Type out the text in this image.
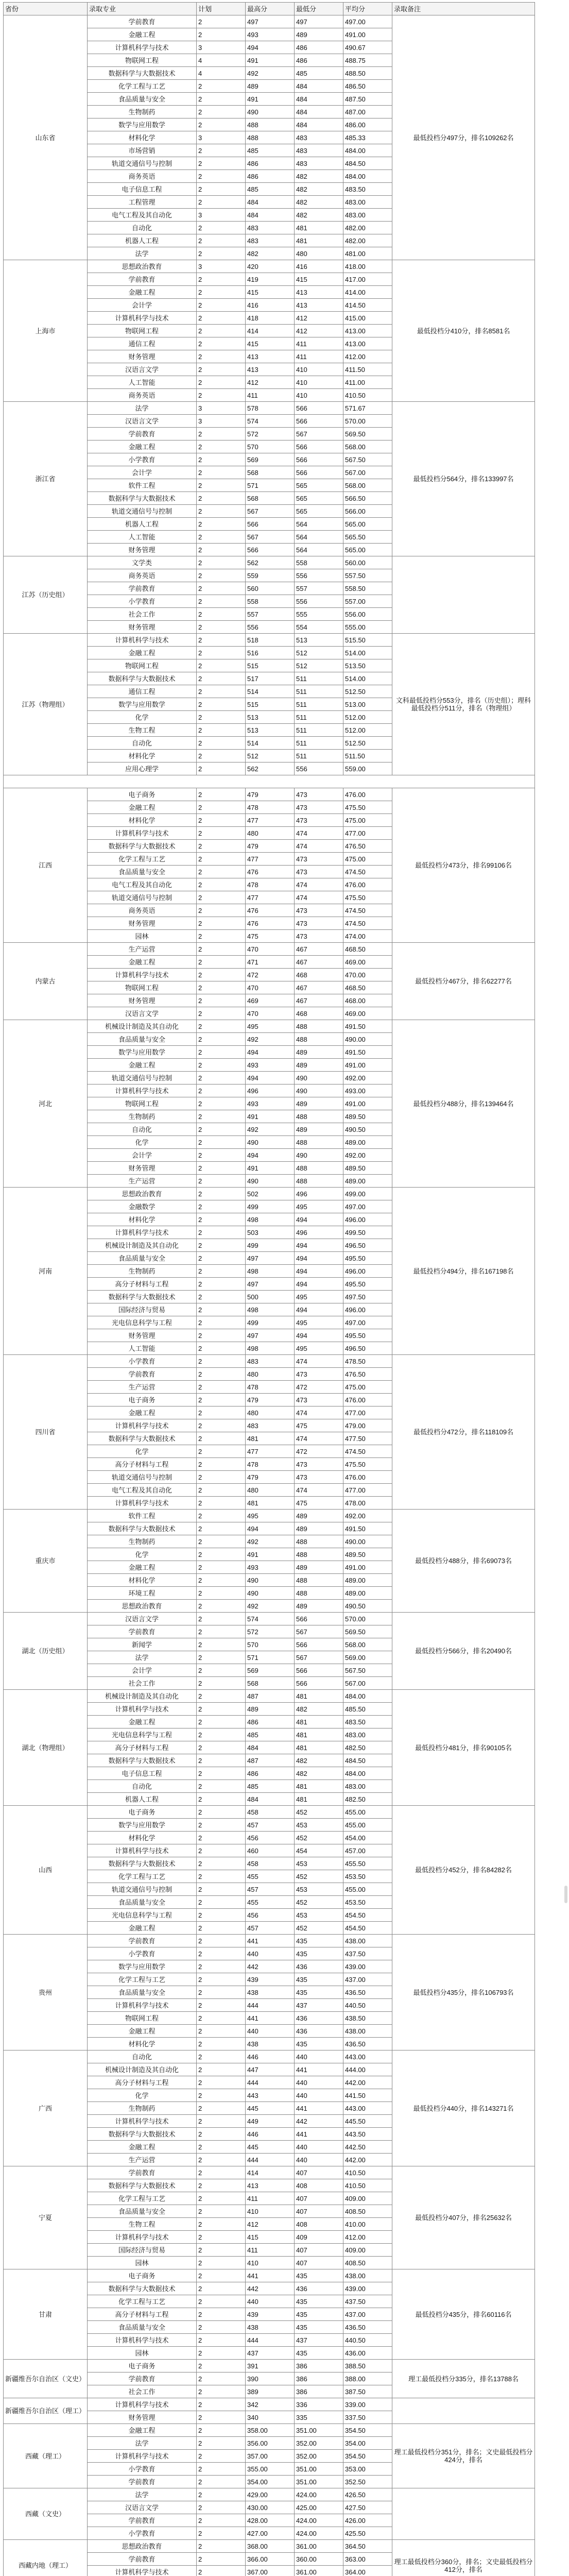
省份	录取专业	计划	最高分	最低分	平均分	录取备注
山东省	学前教育	2	497	497	497.00	最低投档分497分，排名109262名
	金融工程	2	493	489	491.00	
	计算机科学与技术	3	494	486	490.67	
	物联网工程	4	491	486	488.75	
	数据科学与大数据技术	4	492	485	488.50	
	化学工程与工艺	2	489	484	486.50	
	食品质量与安全	2	491	484	487.50	
	生物制药	2	490	484	487.00	
	数学与应用数学	2	488	484	486.00	
	材料化学	3	488	483	485.33	
	市场营销	2	485	483	484.00	
	轨道交通信号与控制	2	486	483	484.50	
	商务英语	2	486	482	484.00	
	电子信息工程	2	485	482	483.50	
	工程管理	2	484	482	483.00	
	电气工程及其自动化	3	484	482	483.00	
	自动化	2	483	481	482.00	
	机器人工程	2	483	481	482.00	
	法学	2	482	480	481.00	
上海市	思想政治教育	3	420	416	418.00	最低投档分410分，排名8581名
	学前教育	2	419	415	417.00	
	金融工程	2	415	413	414.00	
	会计学	2	416	413	414.50	
	计算机科学与技术	2	418	412	415.00	
	物联网工程	2	414	412	413.00	
	通信工程	2	415	411	413.00	
	财务管理	2	413	411	412.00	
	汉语言文学	2	413	410	411.50	
	人工智能	2	412	410	411.00	
	商务英语	2	411	410	410.50	
浙江省	法学	3	578	566	571.67	最低投档分564分，排名133997名
	汉语言文学	3	574	566	570.00	
	学前教育	2	572	567	569.50	
	金融工程	2	570	566	568.00	
	小学教育	2	569	566	567.50	
	会计学	2	568	566	567.00	
	软件工程	2	571	565	568.00	
	数据科学与大数据技术	2	568	565	566.50	
	轨道交通信号与控制	2	567	565	566.00	
	机器人工程	2	566	564	565.00	
	人工智能	2	567	564	565.50	
	财务管理	2	566	564	565.00	
江苏（历史组）	文学类	2	562	558	560.00	
	商务英语	2	559	556	557.50	
	学前教育	2	560	557	558.50	
	小学教育	2	558	556	557.00	
	社会工作	2	557	555	556.00	
	财务管理	2	556	554	555.00	
江苏（物理组）	计算机科学与技术	2	518	513	515.50	文科最低投档分553分，排名（历史组）；理科最低投档分511分，排名（物理组）
	金融工程	2	516	512	514.00	
	物联网工程	2	515	512	513.50	
	数据科学与大数据技术	2	517	511	514.00	
	通信工程	2	514	511	512.50	
	数学与应用数学	2	515	511	513.00	
	化学	2	513	511	512.00	
	生物工程	2	513	511	512.00	
	自动化	2	514	511	512.50	
	材料化学	2	512	511	511.50	
	应用心理学	2	562	556	559.00	

江西	电子商务	2	479	473	476.00	最低投档分473分，排名99106名
	金融工程	2	478	473	475.50	
	材料化学	2	477	473	475.00	
	计算机科学与技术	2	480	474	477.00	
	数据科学与大数据技术	2	479	474	476.50	
	化学工程与工艺	2	477	473	475.00	
	食品质量与安全	2	476	473	474.50	
	电气工程及其自动化	2	478	474	476.00	
	轨道交通信号与控制	2	477	474	475.50	
	商务英语	2	476	473	474.50	
	财务管理	2	476	473	474.50	
	园林	2	475	473	474.00	
内蒙古	生产运营	2	470	467	468.50	最低投档分467分，排名62277名
	金融工程	2	471	467	469.00	
	计算机科学与技术	2	472	468	470.00	
	物联网工程	2	470	467	468.50	
	财务管理	2	469	467	468.00	
	汉语言文学	2	470	468	469.00	
河北	机械设计制造及其自动化	2	495	488	491.50	最低投档分488分，排名139464名
	食品质量与安全	2	492	488	490.00	
	数学与应用数学	2	494	489	491.50	
	金融工程	2	493	489	491.00	
	轨道交通信号与控制	2	494	490	492.00	
	计算机科学与技术	2	496	490	493.00	
	物联网工程	2	493	489	491.00	
	生物制药	2	491	488	489.50	
	自动化	2	492	489	490.50	
	化学	2	490	488	489.00	
	会计学	2	494	490	492.00	
	财务管理	2	491	488	489.50	
	生产运营	2	490	488	489.00	
河南	思想政治教育	2	502	496	499.00	最低投档分494分，排名167198名
	金融数学	2	499	495	497.00	
	材料化学	2	498	494	496.00	
	计算机科学与技术	2	503	496	499.50	
	机械设计制造及其自动化	2	499	494	496.50	
	食品质量与安全	2	497	494	495.50	
	生物制药	2	498	494	496.00	
	高分子材料与工程	2	497	494	495.50	
	数据科学与大数据技术	2	500	495	497.50	
	国际经济与贸易	2	498	494	496.00	
	光电信息科学与工程	2	499	495	497.00	
	财务管理	2	497	494	495.50	
	人工智能	2	498	495	496.50	
四川省	小学教育	2	483	474	478.50	最低投档分472分，排名118109名
	学前教育	2	480	473	476.50	
	生产运营	2	478	472	475.00	
	电子商务	2	479	473	476.00	
	金融工程	2	480	474	477.00	
	计算机科学与技术	2	483	475	479.00	
	数据科学与大数据技术	2	481	474	477.50	
	化学	2	477	472	474.50	
	高分子材料与工程	2	478	473	475.50	
	轨道交通信号与控制	2	479	473	476.00	
	电气工程及其自动化	2	480	474	477.00	
	计算机科学与技术	2	481	475	478.00	
重庆市	软件工程	2	495	489	492.00	最低投档分488分，排名69073名
	数据科学与大数据技术	2	494	489	491.50	
	生物制药	2	492	488	490.00	
	化学	2	491	488	489.50	
	金融工程	2	493	489	491.00	
	材料化学	2	490	488	489.00	
	环境工程	2	490	488	489.00	
	思想政治教育	2	492	489	490.50	
湖北（历史组）	汉语言文学	2	574	566	570.00	最低投档分566分，排名20490名
	学前教育	2	572	567	569.50	
	新闻学	2	570	566	568.00	
	法学	2	571	567	569.00	
	会计学	2	569	566	567.50	
	社会工作	2	568	566	567.00	
湖北（物理组）	机械设计制造及其自动化	2	487	481	484.00	最低投档分481分，排名90105名
	计算机科学与技术	2	489	482	485.50	
	金融工程	2	486	481	483.50	
	光电信息科学与工程	2	485	481	483.00	
	高分子材料与工程	2	484	481	482.50	
	数据科学与大数据技术	2	487	482	484.50	
	电子信息工程	2	486	482	484.00	
	自动化	2	485	481	483.00	
	机器人工程	2	484	481	482.50	
山西	电子商务	2	458	452	455.00	最低投档分452分，排名84282名
	数学与应用数学	2	457	453	455.00	
	材料化学	2	456	452	454.00	
	计算机科学与技术	2	460	454	457.00	
	数据科学与大数据技术	2	458	453	455.50	
	化学工程与工艺	2	455	452	453.50	
	轨道交通信号与控制	2	457	453	455.00	
	食品质量与安全	2	455	452	453.50	
	光电信息科学与工程	2	456	453	454.50	
	金融工程	2	457	452	454.50	
贵州	学前教育	2	441	435	438.00	最低投档分435分，排名106793名
	小学教育	2	440	435	437.50	
	数学与应用数学	2	442	436	439.00	
	化学工程与工艺	2	439	435	437.00	
	食品质量与安全	2	438	435	436.50	
	计算机科学与技术	2	444	437	440.50	
	物联网工程	2	441	436	438.50	
	金融工程	2	440	436	438.00	
	材料化学	2	438	435	436.50	
广西	自动化	2	446	440	443.00	最低投档分440分，排名143271名
	机械设计制造及其自动化	2	447	441	444.00	
	高分子材料与工程	2	444	440	442.00	
	化学	2	443	440	441.50	
	生物制药	2	445	441	443.00	
	计算机科学与技术	2	449	442	445.50	
	数据科学与大数据技术	2	446	441	443.50	
	金融工程	2	445	440	442.50	
	生产运营	2	444	440	442.00	
宁夏	学前教育	2	414	407	410.50	最低投档分407分，排名25632名
	数据科学与大数据技术	2	413	408	410.50	
	化学工程与工艺	2	411	407	409.00	
	食品质量与安全	2	410	407	408.50	
	生物工程	2	412	408	410.00	
	计算机科学与技术	2	415	409	412.00	
	国际经济与贸易	2	411	407	409.00	
	园林	2	410	407	408.50	
甘肃	电子商务	2	441	435	438.00	最低投档分435分，排名60116名
	数据科学与大数据技术	2	442	436	439.00	
	化学工程与工艺	2	440	435	437.50	
	高分子材料与工程	2	439	435	437.00	
	食品质量与安全	2	438	435	436.50	
	计算机科学与技术	2	444	437	440.50	
	园林	2	437	435	436.00	
新疆维吾尔自治区（文史）	电子商务	2	391	386	388.50	理工最低投档分335分，排名13788名
	学前教育	2	390	386	388.00	
	社会工作	2	389	386	387.50	
新疆维吾尔自治区（理工）	计算机科学与技术	2	342	336	339.00	
	财务管理	2	340	335	337.50	
西藏（理工）	金融工程	2	358.00	351.00	354.50	理工最低投档分351分，排名；文史最低投档分424分，排名
	法学	2	356.00	352.00	354.00	
	计算机科学与技术	2	357.00	352.00	354.50	
	小学教育	2	355.00	351.00	353.00	
	学前教育	2	354.00	351.00	352.50	
西藏（文史）	法学	2	429.00	424.00	426.50	
	汉语言文学	2	430.00	425.00	427.50	
	学前教育	2	428.00	424.00	426.00	
	小学教育	2	427.00	424.00	425.50	
西藏内地（理工）	思想政治教育	2	368.00	361.00	364.50	理工最低投档分360分，排名；文史最低投档分412分，排名
	学前教育	2	366.00	360.00	363.00	
	计算机科学与技术	2	367.00	361.00	364.00	
